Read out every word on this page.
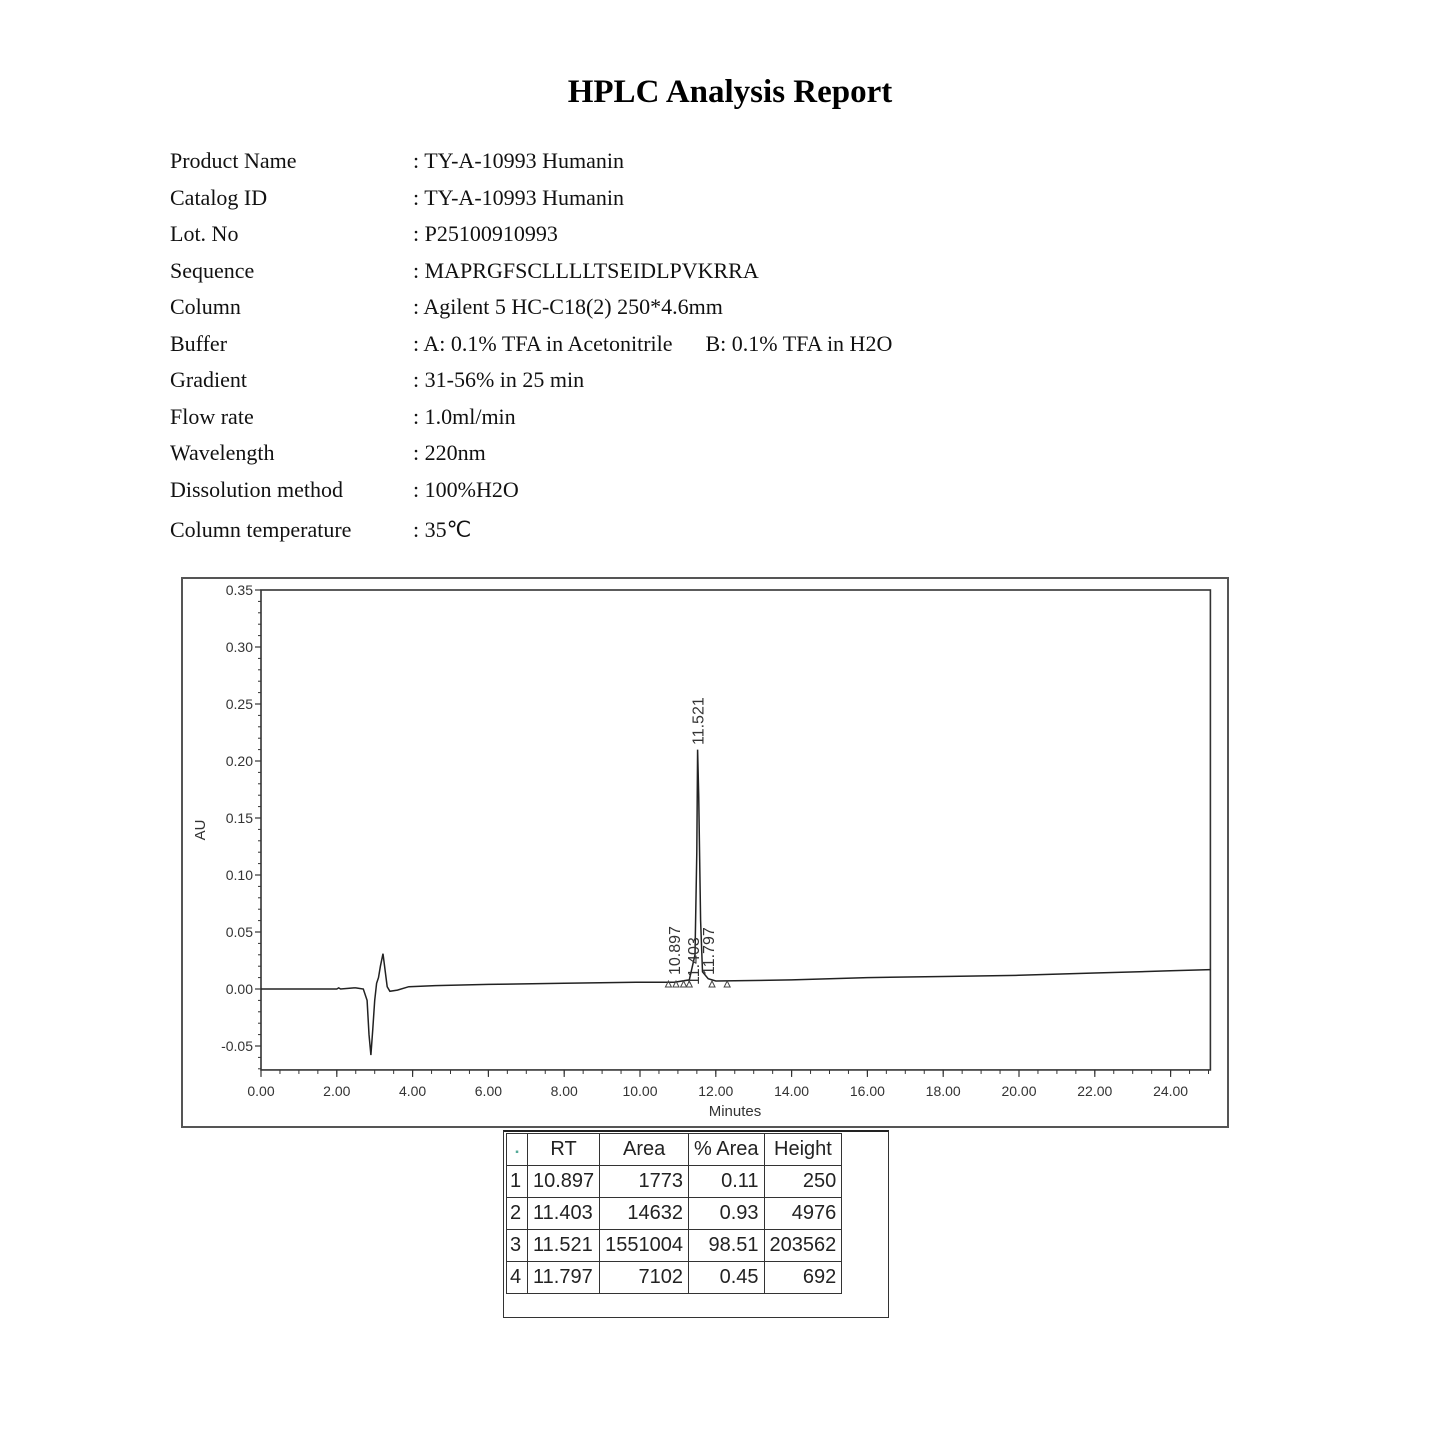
HPLC Analysis Report
Product Name	: TY-A-10993 Humanin
Catalog ID	: TY-A-10993 Humanin
Lot. No	: P25100910993
Sequence	: MAPRGFSCLLLLTSEIDLPVKRRA
Column	: Agilent 5 HC-C18(2) 250*4.6mm
Buffer	: A: 0.1% TFA in Acetonitrile      B: 0.1% TFA in H2O
Gradient	: 31-56% in 25 min
Flow rate	: 1.0ml/min
Wavelength	: 220nm
Dissolution method	: 100%H2O
Column temperature	: 35℃
0.35
0.30
0.25
0.20
0.15
0.10
0.05
0.00
-0.05
0.00	2.00	4.00	6.00	8.00	10.00	12.00	14.00	16.00	18.00	20.00	22.00	24.00
10.897 11.403
11.521
11.797
Minutes
AU
▪	RT	Area	% Area	Height
1	10.897	1773	0.11	250
2	11.403	14632	0.93	4976
3	11.521	1551004	98.51	203562
4	11.797	7102	0.45	692
